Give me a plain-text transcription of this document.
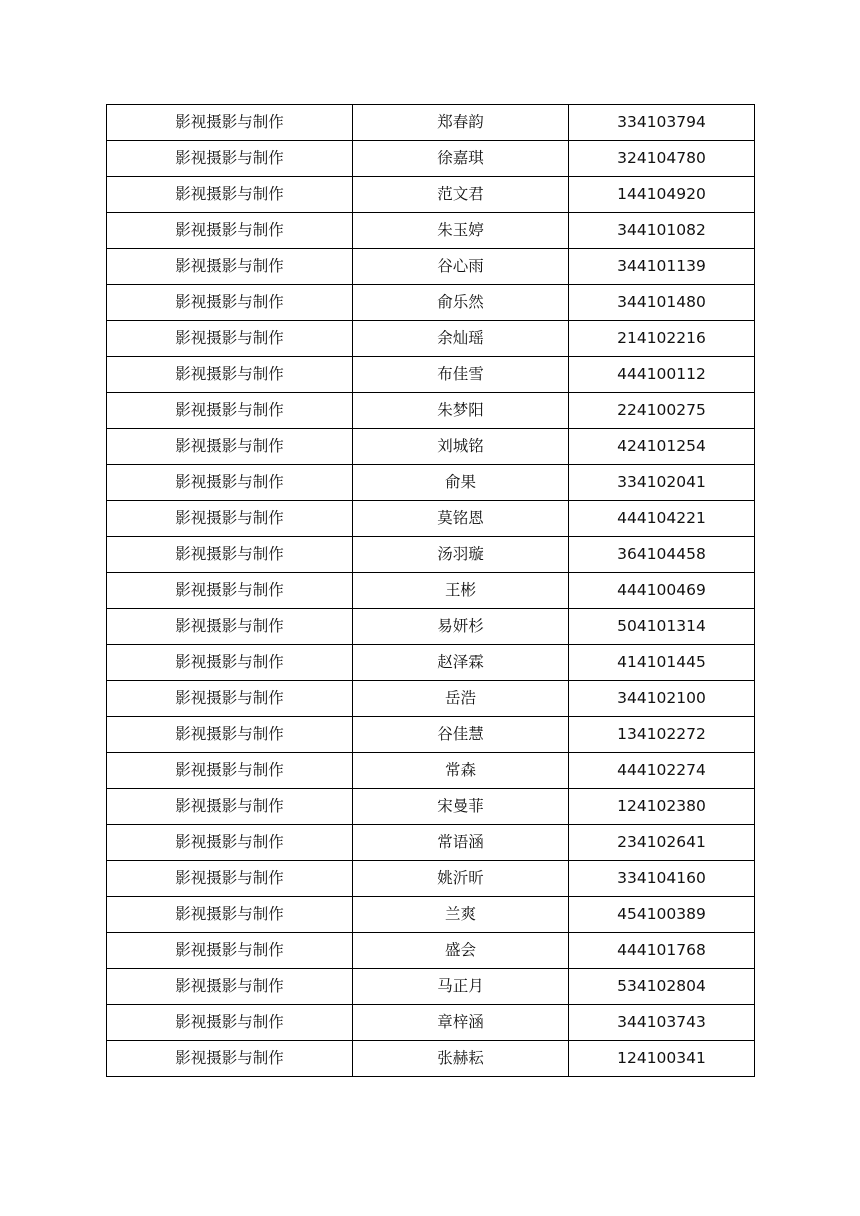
影视摄影与制作	郑春韵	334103794
影视摄影与制作	徐嘉琪	324104780
影视摄影与制作	范文君	144104920
影视摄影与制作	朱玉婷	344101082
影视摄影与制作	谷心雨	344101139
影视摄影与制作	俞乐然	344101480
影视摄影与制作	余灿瑶	214102216
影视摄影与制作	布佳雪	444100112
影视摄影与制作	朱梦阳	224100275
影视摄影与制作	刘城铭	424101254
影视摄影与制作	俞果	334102041
影视摄影与制作	莫铭恩	444104221
影视摄影与制作	汤羽璇	364104458
影视摄影与制作	王彬	444100469
影视摄影与制作	易妍杉	504101314
影视摄影与制作	赵泽霖	414101445
影视摄影与制作	岳浩	344102100
影视摄影与制作	谷佳慧	134102272
影视摄影与制作	常森	444102274
影视摄影与制作	宋曼菲	124102380
影视摄影与制作	常语涵	234102641
影视摄影与制作	姚沂昕	334104160
影视摄影与制作	兰爽	454100389
影视摄影与制作	盛会	444101768
影视摄影与制作	马正月	534102804
影视摄影与制作	章梓涵	344103743
影视摄影与制作	张赫耘	124100341
